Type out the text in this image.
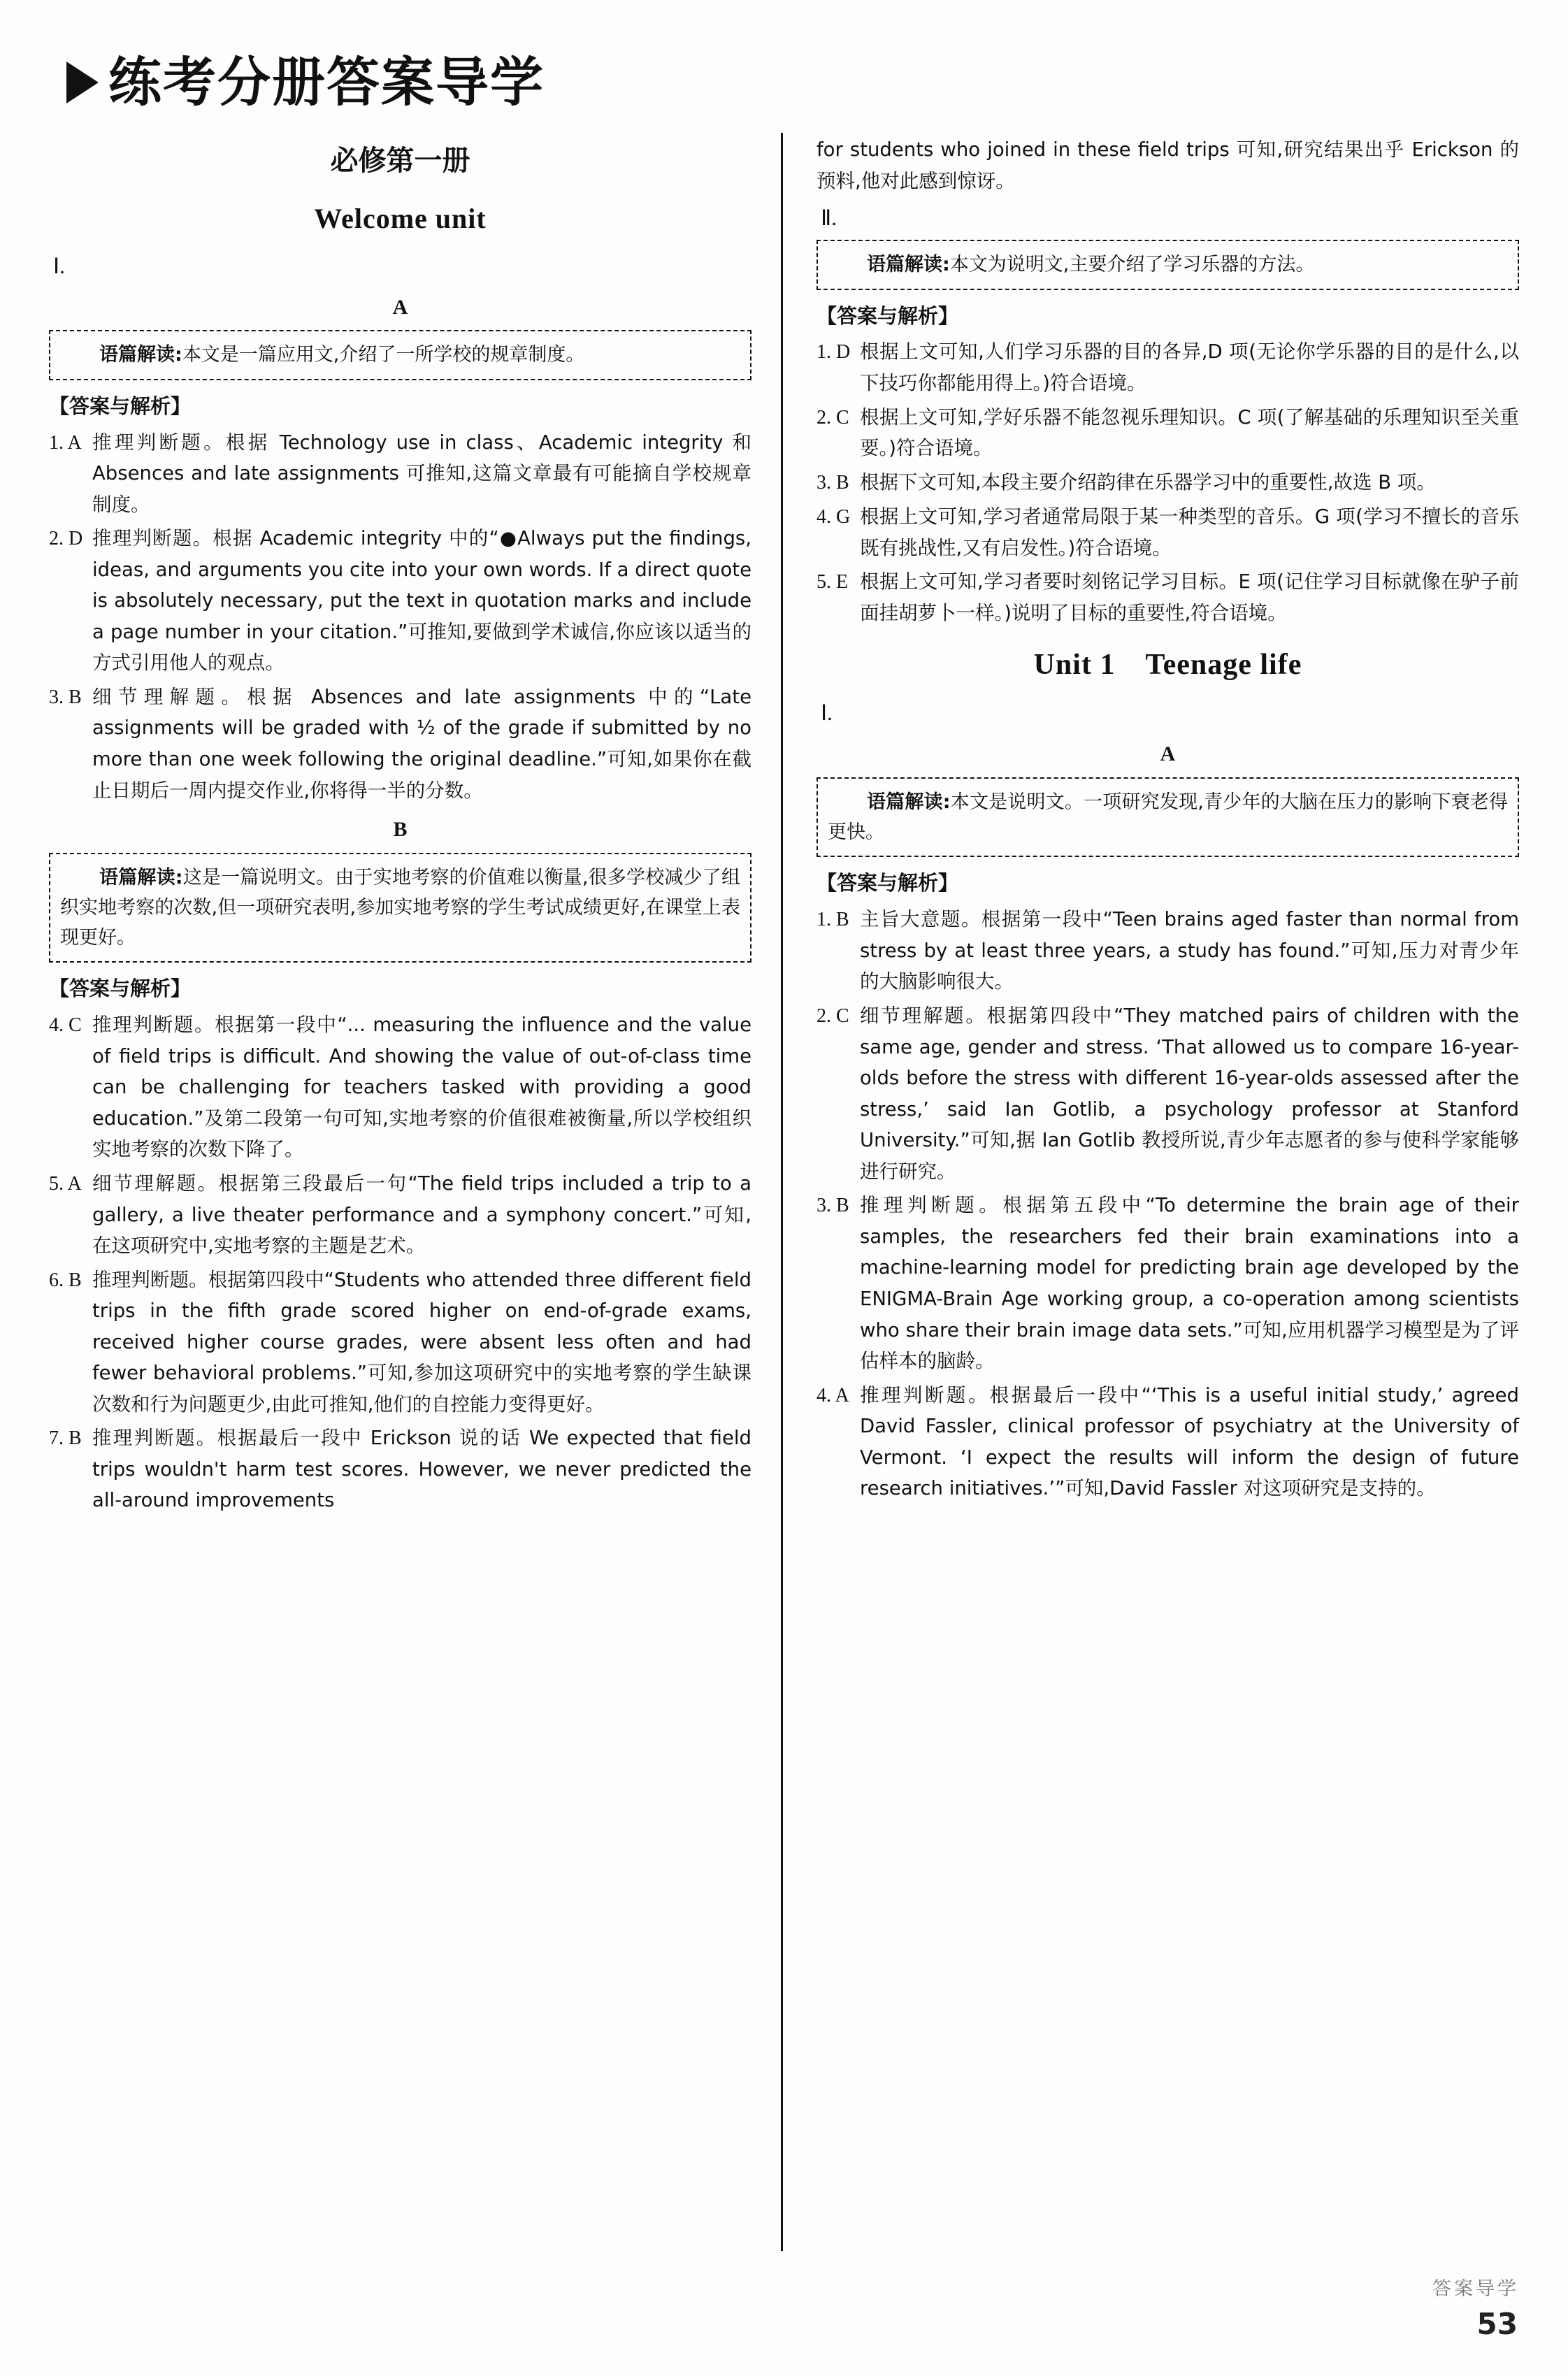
练考分册答案导学
必修第一册
Welcome unit
Ⅰ.
A
语篇解读:本文是一篇应用文,介绍了一所学校的规章制度。
【答案与解析】
1. A 推理判断题。根据 Technology use in class、Academic integrity 和 Absences and late assignments 可推知,这篇文章最有可能摘自学校规章制度。
2. D 推理判断题。根据 Academic integrity 中的“●Always put the findings, ideas, and arguments you cite into your own words. If a direct quote is absolutely necessary, put the text in quotation marks and include a page number in your citation.”可推知,要做到学术诚信,你应该以适当的方式引用他人的观点。
3. B 细节理解题。根据 Absences and late assignments 中的“Late assignments will be graded with ½ of the grade if submitted by no more than one week following the original deadline.”可知,如果你在截止日期后一周内提交作业,你将得一半的分数。
B
语篇解读:这是一篇说明文。由于实地考察的价值难以衡量,很多学校减少了组织实地考察的次数,但一项研究表明,参加实地考察的学生考试成绩更好,在课堂上表现更好。
【答案与解析】
4. C 推理判断题。根据第一段中“... measuring the influence and the value of field trips is difficult. And showing the value of out-of-class time can be challenging for teachers tasked with providing a good education.”及第二段第一句可知,实地考察的价值很难被衡量,所以学校组织实地考察的次数下降了。
5. A 细节理解题。根据第三段最后一句“The field trips included a trip to a gallery, a live theater performance and a symphony concert.”可知,在这项研究中,实地考察的主题是艺术。
6. B 推理判断题。根据第四段中“Students who attended three different field trips in the fifth grade scored higher on end-of-grade exams, received higher course grades, were absent less often and had fewer behavioral problems.”可知,参加这项研究中的实地考察的学生缺课次数和行为问题更少,由此可推知,他们的自控能力变得更好。
7. B 推理判断题。根据最后一段中 Erickson 说的话 We expected that field trips wouldn't harm test scores. However, we never predicted the all-around improvements
for students who joined in these field trips 可知,研究结果出乎 Erickson 的预料,他对此感到惊讶。
Ⅱ.
语篇解读:本文为说明文,主要介绍了学习乐器的方法。
【答案与解析】
1. D 根据上文可知,人们学习乐器的目的各异,D 项(无论你学乐器的目的是什么,以下技巧你都能用得上。)符合语境。
2. C 根据上文可知,学好乐器不能忽视乐理知识。C 项(了解基础的乐理知识至关重要。)符合语境。
3. B 根据下文可知,本段主要介绍韵律在乐器学习中的重要性,故选 B 项。
4. G 根据上文可知,学习者通常局限于某一种类型的音乐。G 项(学习不擅长的音乐既有挑战性,又有启发性。)符合语境。
5. E 根据上文可知,学习者要时刻铭记学习目标。E 项(记住学习目标就像在驴子前面挂胡萝卜一样。)说明了目标的重要性,符合语境。
Unit 1　Teenage life
Ⅰ.
A
语篇解读:本文是说明文。一项研究发现,青少年的大脑在压力的影响下衰老得更快。
【答案与解析】
1. B 主旨大意题。根据第一段中“Teen brains aged faster than normal from stress by at least three years, a study has found.”可知,压力对青少年的大脑影响很大。
2. C 细节理解题。根据第四段中“They matched pairs of children with the same age, gender and stress. ‘That allowed us to compare 16-year-olds before the stress with different 16-year-olds assessed after the stress,’ said Ian Gotlib, a psychology professor at Stanford University.”可知,据 Ian Gotlib 教授所说,青少年志愿者的参与使科学家能够进行研究。
3. B 推理判断题。根据第五段中“To determine the brain age of their samples, the researchers fed their brain examinations into a machine-learning model for predicting brain age developed by the ENIGMA-Brain Age working group, a co-operation among scientists who share their brain image data sets.”可知,应用机器学习模型是为了评估样本的脑龄。
4. A 推理判断题。根据最后一段中“‘This is a useful initial study,’ agreed David Fassler, clinical professor of psychiatry at the University of Vermont. ‘I expect the results will inform the design of future research initiatives.’”可知,David Fassler 对这项研究是支持的。
答案导学
53
